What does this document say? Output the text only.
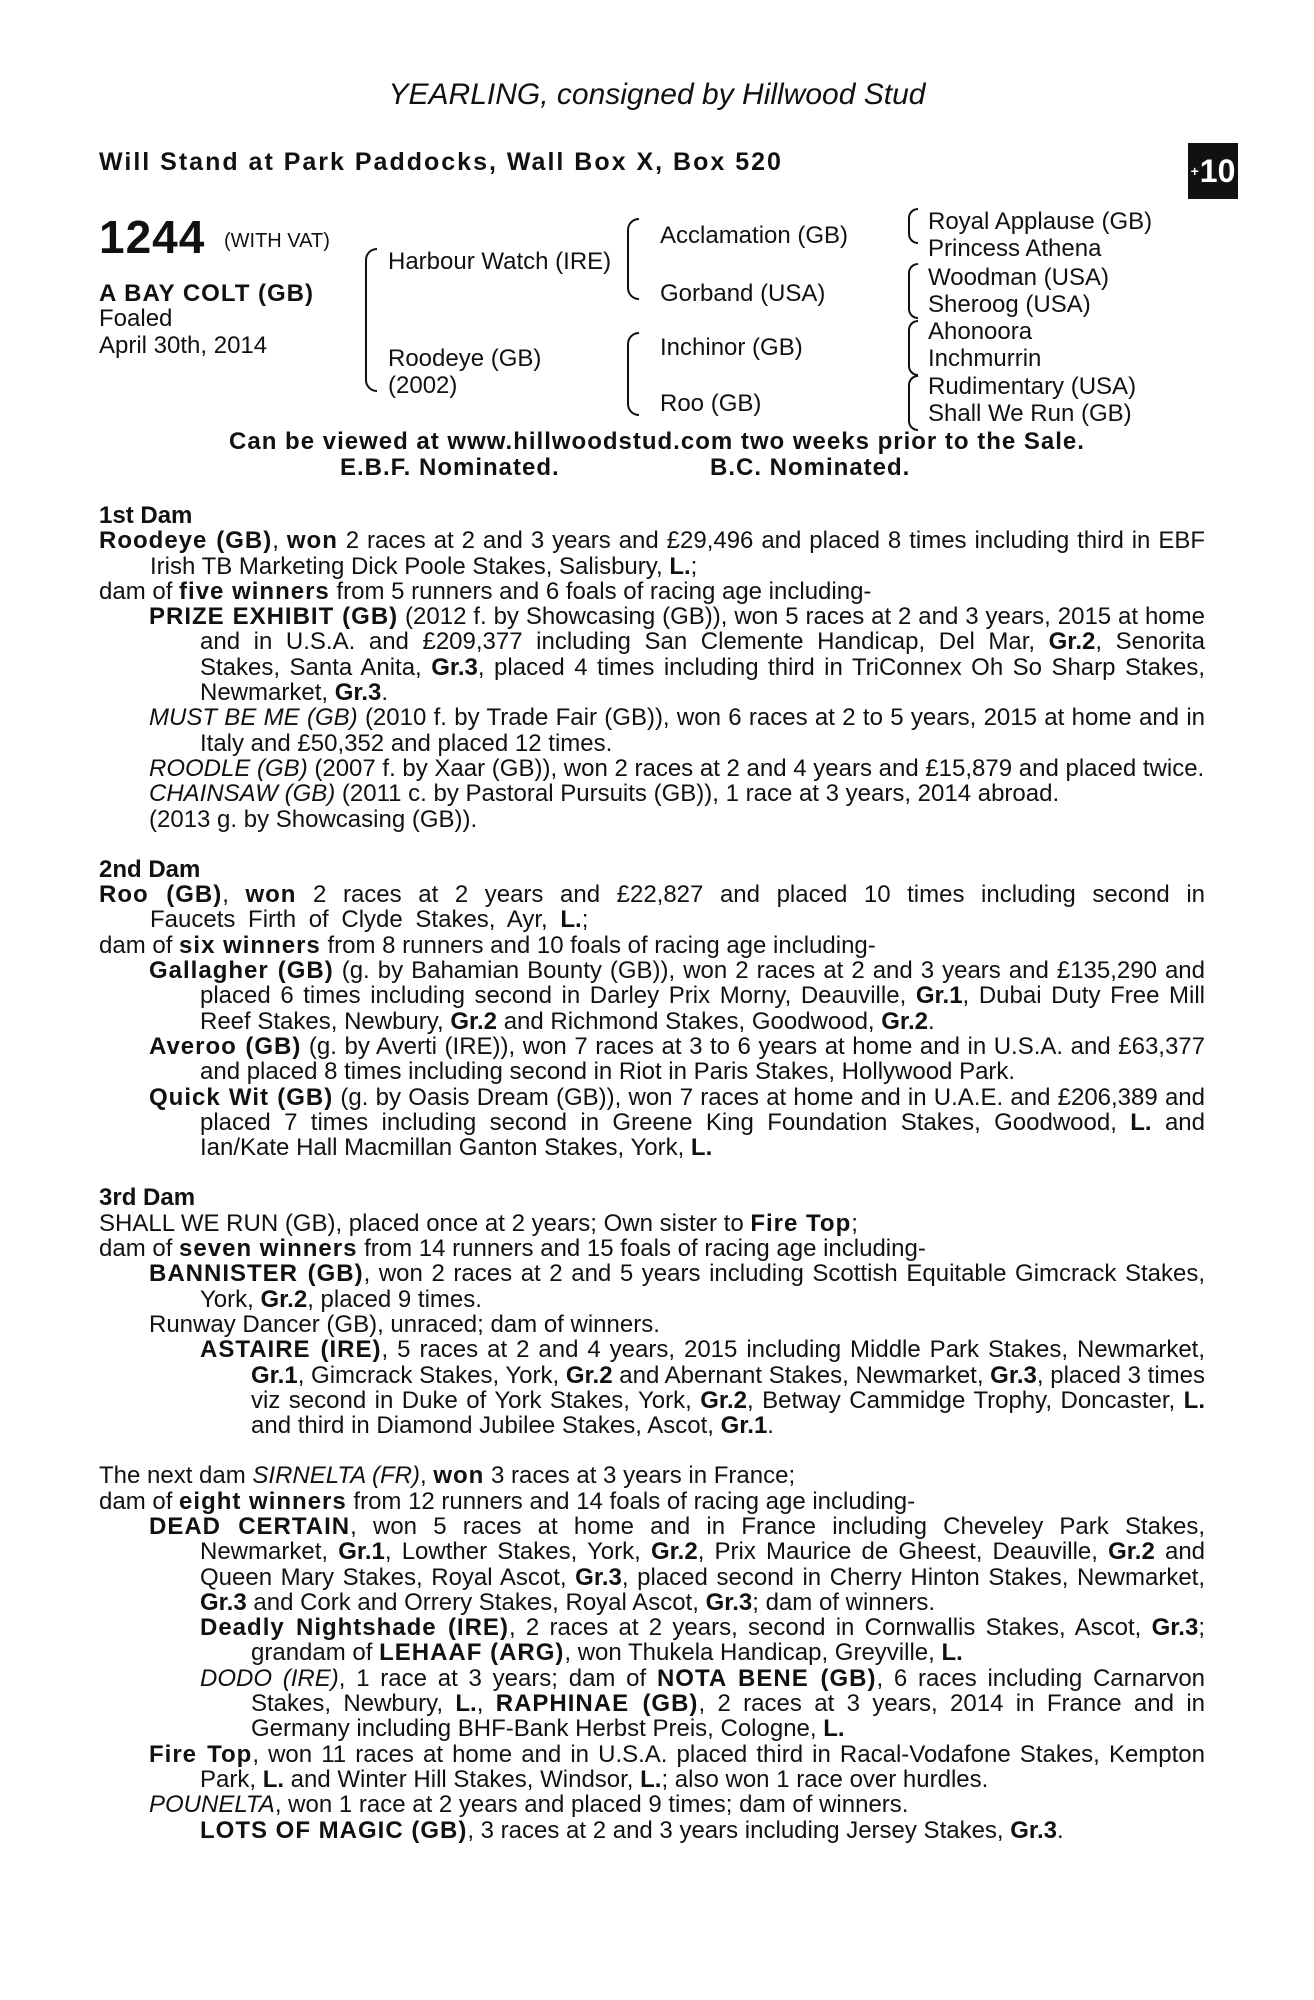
YEARLING, consigned by Hillwood Stud
Will Stand at Park Paddocks, Wall Box X, Box 520	+ 10
1244 (WITH VAT)
A BAY COLT (GB)
Foaled
April 30th, 2014
Harbour Watch (IRE)
Roodeye (GB)
(2002)
Acclamation (GB)
Gorband (USA)
Inchinor (GB)
Roo (GB)
Royal Applause (GB)
Princess Athena
Woodman (USA)
Sheroog (USA)
Ahonoora
Inchmurrin
Rudimentary (USA)
Shall We Run (GB)
Can be viewed at www.hillwoodstud.com two weeks prior to the Sale.
E.B.F. Nominated.	B.C. Nominated.

1st Dam

Roodeye (GB), won 2 races at 2 and 3 years and £29,496 and placed 8 times including third in EBF Irish TB Marketing Dick Poole Stakes, Salisbury, L.;

dam of five winners from 5 runners and 6 foals of racing age including-

PRIZE EXHIBIT (GB) (2012 f. by Showcasing (GB)), won 5 races at 2 and 3 years, 2015 at home and in U.S.A. and £209,377 including San Clemente Handicap, Del Mar, Gr.2, Senorita Stakes, Santa Anita, Gr.3, placed 4 times including third in TriConnex Oh So Sharp Stakes, Newmarket, Gr.3.

MUST BE ME (GB) (2010 f. by Trade Fair (GB)), won 6 races at 2 to 5 years, 2015 at home and in Italy and £50,352 and placed 12 times.

ROODLE (GB) (2007 f. by Xaar (GB)), won 2 races at 2 and 4 years and £15,879 and placed twice.

CHAINSAW (GB) (2011 c. by Pastoral Pursuits (GB)), 1 race at 3 years, 2014 abroad.

(2013 g. by Showcasing (GB)).

2nd Dam

Roo (GB), won 2 races at 2 years and £22,827 and placed 10 times including second in Faucets Firth of Clyde Stakes, Ayr, L.;

dam of six winners from 8 runners and 10 foals of racing age including-

Gallagher (GB) (g. by Bahamian Bounty (GB)), won 2 races at 2 and 3 years and £135,290 and placed 6 times including second in Darley Prix Morny, Deauville, Gr.1, Dubai Duty Free Mill Reef Stakes, Newbury, Gr.2 and Richmond Stakes, Goodwood, Gr.2.

Averoo (GB) (g. by Averti (IRE)), won 7 races at 3 to 6 years at home and in U.S.A. and £63,377 and placed 8 times including second in Riot in Paris Stakes, Hollywood Park.

Quick Wit (GB) (g. by Oasis Dream (GB)), won 7 races at home and in U.A.E. and £206,389 and placed 7 times including second in Greene King Foundation Stakes, Goodwood, L. and Ian/Kate Hall Macmillan Ganton Stakes, York, L.

3rd Dam

SHALL WE RUN (GB), placed once at 2 years; Own sister to Fire Top;

dam of seven winners from 14 runners and 15 foals of racing age including-

BANNISTER (GB), won 2 races at 2 and 5 years including Scottish Equitable Gimcrack Stakes, York, Gr.2, placed 9 times.

Runway Dancer (GB), unraced; dam of winners.

ASTAIRE (IRE), 5 races at 2 and 4 years, 2015 including Middle Park Stakes, Newmarket, Gr.1, Gimcrack Stakes, York, Gr.2 and Abernant Stakes, Newmarket, Gr.3, placed 3 times viz second in Duke of York Stakes, York, Gr.2, Betway Cammidge Trophy, Doncaster, L. and third in Diamond Jubilee Stakes, Ascot, Gr.1.

The next dam SIRNELTA (FR), won 3 races at 3 years in France;

dam of eight winners from 12 runners and 14 foals of racing age including-

DEAD CERTAIN, won 5 races at home and in France including Cheveley Park Stakes, Newmarket, Gr.1, Lowther Stakes, York, Gr.2, Prix Maurice de Gheest, Deauville, Gr.2 and Queen Mary Stakes, Royal Ascot, Gr.3, placed second in Cherry Hinton Stakes, Newmarket, Gr.3 and Cork and Orrery Stakes, Royal Ascot, Gr.3; dam of winners.

Deadly Nightshade (IRE), 2 races at 2 years, second in Cornwallis Stakes, Ascot, Gr.3; grandam of LEHAAF (ARG), won Thukela Handicap, Greyville, L.

DODO (IRE), 1 race at 3 years; dam of NOTA BENE (GB), 6 races including Carnarvon Stakes, Newbury, L., RAPHINAE (GB), 2 races at 3 years, 2014 in France and in Germany including BHF-Bank Herbst Preis, Cologne, L.

Fire Top, won 11 races at home and in U.S.A. placed third in Racal-Vodafone Stakes, Kempton Park, L. and Winter Hill Stakes, Windsor, L.; also won 1 race over hurdles.

POUNELTA, won 1 race at 2 years and placed 9 times; dam of winners.

LOTS OF MAGIC (GB), 3 races at 2 and 3 years including Jersey Stakes, Gr.3.
